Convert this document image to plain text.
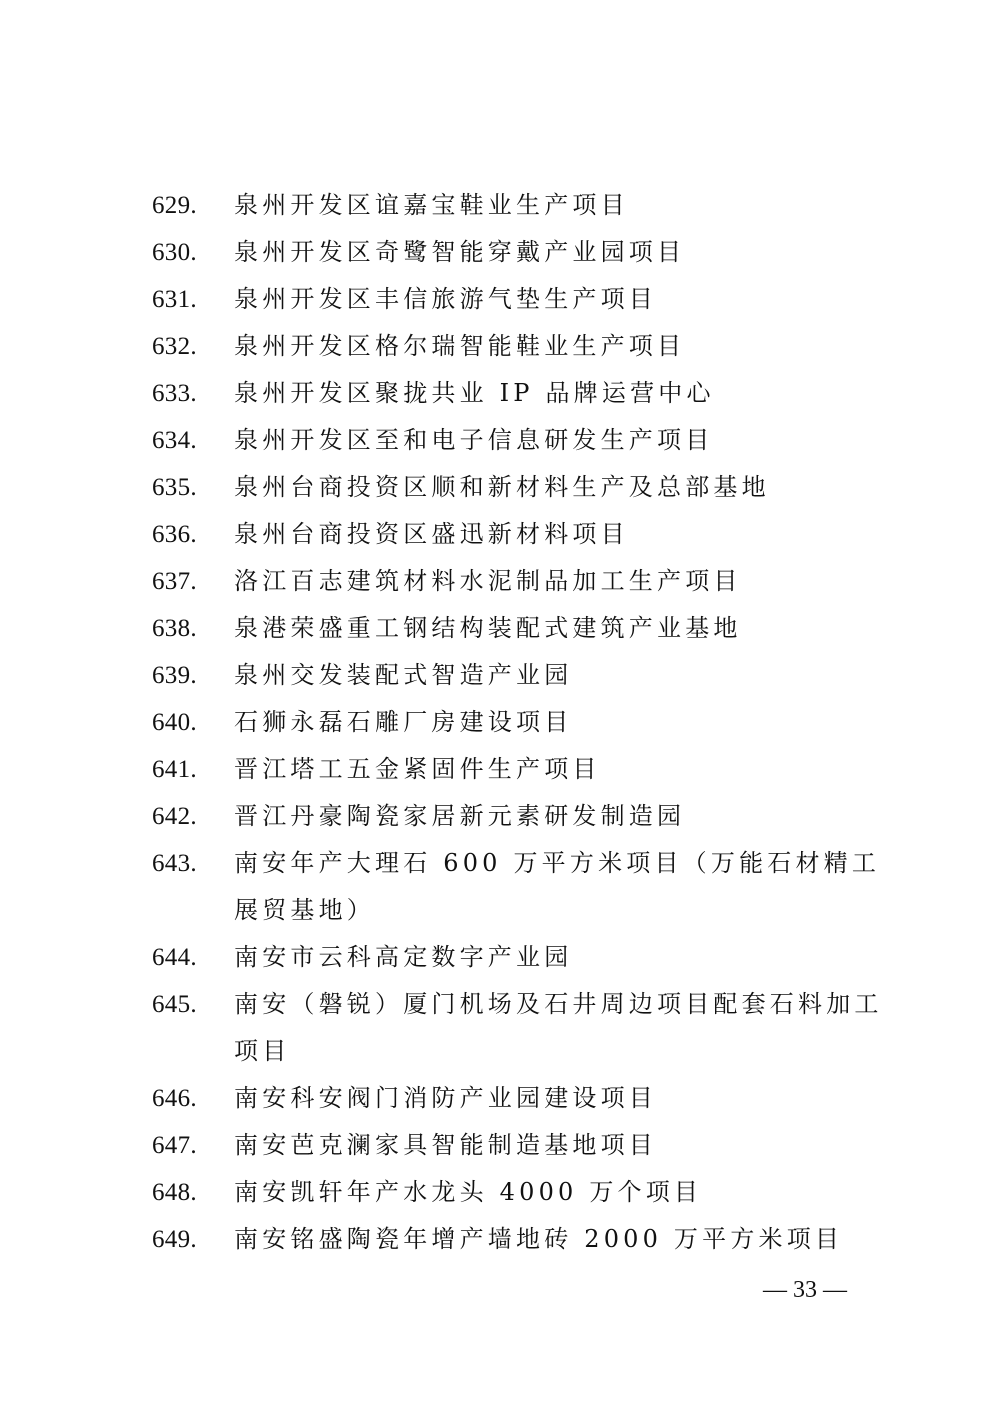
629.	泉州开发区谊嘉宝鞋业生产项目
630.	泉州开发区奇鹭智能穿戴产业园项目
631.	泉州开发区丰信旅游气垫生产项目
632.	泉州开发区格尔瑞智能鞋业生产项目
633.	泉州开发区聚拢共业 IP 品牌运营中心
634.	泉州开发区至和电子信息研发生产项目
635.	泉州台商投资区顺和新材料生产及总部基地
636.	泉州台商投资区盛迅新材料项目
637.	洛江百志建筑材料水泥制品加工生产项目
638.	泉港荣盛重工钢结构装配式建筑产业基地
639.	泉州交发装配式智造产业园
640.	石狮永磊石雕厂房建设项目
641.	晋江塔工五金紧固件生产项目
642.	晋江丹豪陶瓷家居新元素研发制造园
643.	南安年产大理石 600 万平方米项目（万能石材精工展贸基地）
644.	南安市云科高定数字产业园
645.	南安（磐锐）厦门机场及石井周边项目配套石料加工项目
646.	南安科安阀门消防产业园建设项目
647.	南安芭克澜家具智能制造基地项目
648.	南安凯轩年产水龙头 4000 万个项目
649.	南安铭盛陶瓷年增产墙地砖 2000 万平方米项目
— 33 —
